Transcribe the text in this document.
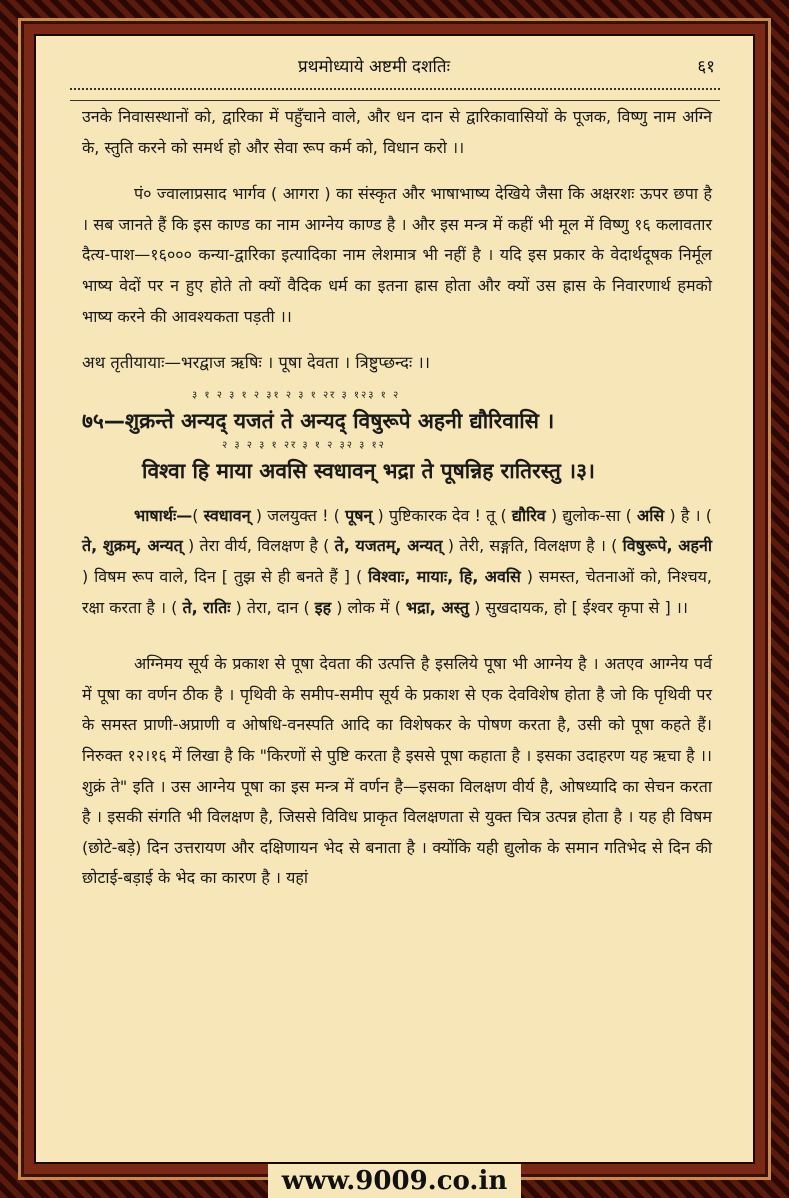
प्रथमोध्याये अष्टमी दशतिः	६१

उनके निवासस्थानों को, द्वारिका में पहुँचाने वाले, और धन दान से द्वारिकावासियों के पूजक, विष्णु नाम अग्नि के, स्तुति करने को समर्थ हो और सेवा रूप कर्म को, विधान करो ।।

पं० ज्वालाप्रसाद भार्गव ( आगरा ) का संस्कृत और भाषाभाष्य देखिये जैसा कि अक्षरशः ऊपर छपा है । सब जानते हैं कि इस काण्ड का नाम आग्नेय काण्ड है । और इस मन्त्र में कहीं भी मूल में विष्णु १६ कलावतार दैत्य-पाश—१६००० कन्या-द्वारिका इत्यादिका नाम लेशमात्र भी नहीं है । यदि इस प्रकार के वेदार्थदूषक निर्मूल भाष्य वेदों पर न हुए होते तो क्यों वैदिक धर्म का इतना ह्रास होता और क्यों उस ह्रास के निवारणार्थ हमको भाष्य करने की आवश्यकता पड़ती ।।

अथ तृतीयायाः—भरद्वाज ऋषिः । पूषा देवता । त्रिष्टुप्छन्दः ।।

३ १ २ ३ १ २ ३१ २ ३ १ २र ३ १२३ १ २
७५—शुक्रन्ते अन्यद् यजतं ते अन्यद् विषुरूपे अहनी द्यौरिवासि ।
२ ३ २ ३ १ २र ३ १ २ ३२ ३ १२
विश्वा हि माया अवसि स्वधावन् भद्रा ते पूषन्निह रातिरस्तु ।३।

भाषार्थः—( स्वधावन् ) जलयुक्त ! ( पूषन् ) पुष्टिकारक देव ! तू ( द्यौरिव ) द्युलोक-सा ( असि ) है । ( ते, शुक्रम्, अन्यत् ) तेरा वीर्य, विलक्षण है ( ते, यजतम्, अन्यत् ) तेरी, सङ्गति, विलक्षण है । ( विषुरूपे, अहनी ) विषम रूप वाले, दिन [ तुझ से ही बनते हैं ] ( विश्वाः, मायाः, हि, अवसि ) समस्त, चेतनाओं को, निश्चय, रक्षा करता है । ( ते, रातिः ) तेरा, दान ( इह ) लोक में ( भद्रा, अस्तु ) सुखदायक, हो [ ईश्वर कृपा से ] ।।

अग्निमय सूर्य के प्रकाश से पूषा देवता की उत्पत्ति है इसलिये पूषा भी आग्नेय है । अतएव आग्नेय पर्व में पूषा का वर्णन ठीक है । पृथिवी के समीप-समीप सूर्य के प्रकाश से एक देवविशेष होता है जो कि पृथिवी पर के समस्त प्राणी-अप्राणी व ओषधि-वनस्पति आदि का विशेषकर के पोषण करता है, उसी को पूषा कहते हैं। निरुक्त १२।१६ में लिखा है कि "किरणों से पुष्टि करता है इससे पूषा कहाता है । इसका उदाहरण यह ऋचा है ।। शुक्रं ते" इति । उस आग्नेय पूषा का इस मन्त्र में वर्णन है—इसका विलक्षण वीर्य है, ओषध्यादि का सेचन करता है । इसकी संगति भी विलक्षण है, जिससे विविध प्राकृत विलक्षणता से युक्त चित्र उत्पन्न होता है । यह ही विषम (छोटे-बड़े) दिन उत्तरायण और दक्षिणायन भेद से बनाता है । क्योंकि यही द्युलोक के समान गतिभेद से दिन की छोटाई-बड़ाई के भेद का कारण है । यहां

www.9009.co.in
